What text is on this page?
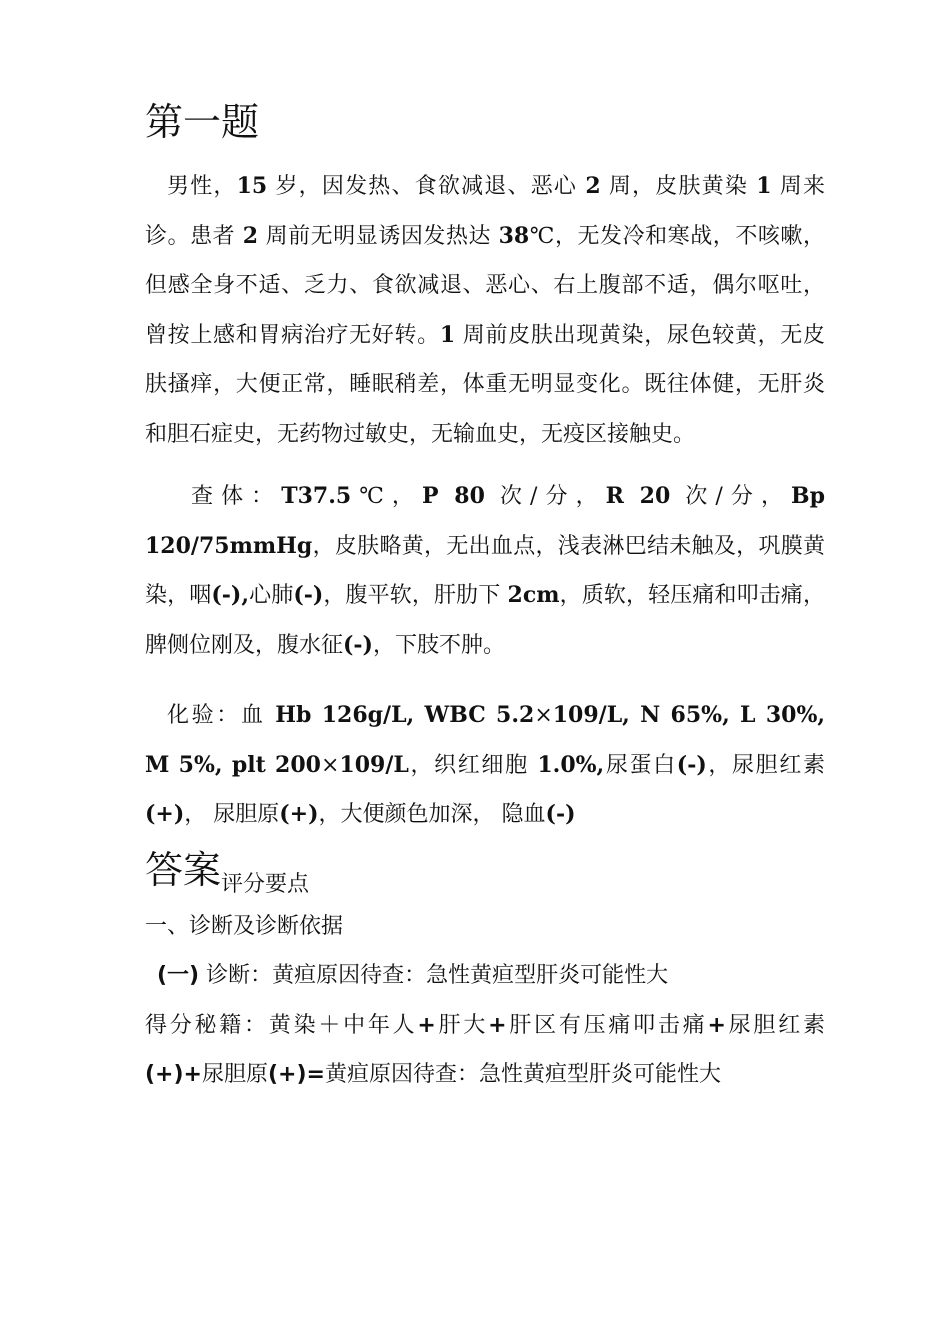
第一题

男性，15 岁，因发热、食欲减退、恶心 2 周，皮肤黄染 1 周来诊。患者 2 周前无明显诱因发热达 38℃，无发冷和寒战，不咳嗽，但感全身不适、乏力、食欲减退、恶心、右上腹部不适，偶尔呕吐，曾按上感和胃病治疗无好转。1 周前皮肤出现黄染，尿色较黄，无皮肤搔痒，大便正常，睡眠稍差，体重无明显变化。既往体健，无肝炎和胆石症史，无药物过敏史，无输血史，无疫区接触史。

查体：T37.5℃，P 80 次/分，R 20 次/分，Bp 120/75mmHg，皮肤略黄，无出血点，浅表淋巴结未触及，巩膜黄染，咽(-),心肺(-)，腹平软，肝肋下 2cm，质软，轻压痛和叩击痛，脾侧位刚及，腹水征(-)，下肢不肿。

化验：血 Hb 126g/L, WBC 5.2×109/L, N 65%, L 30%, M 5%, plt 200×109/L，织红细胞 1.0%,尿蛋白(-)，尿胆红素(+)， 尿胆原(+)，大便颜色加深， 隐血(-)

答案评分要点

一、诊断及诊断依据

(一) 诊断：黄疸原因待查：急性黄疸型肝炎可能性大

得分秘籍：黄染＋中年人+肝大+肝区有压痛叩击痛+尿胆红素(+)+尿胆原(+)=黄疸原因待查：急性黄疸型肝炎可能性大
